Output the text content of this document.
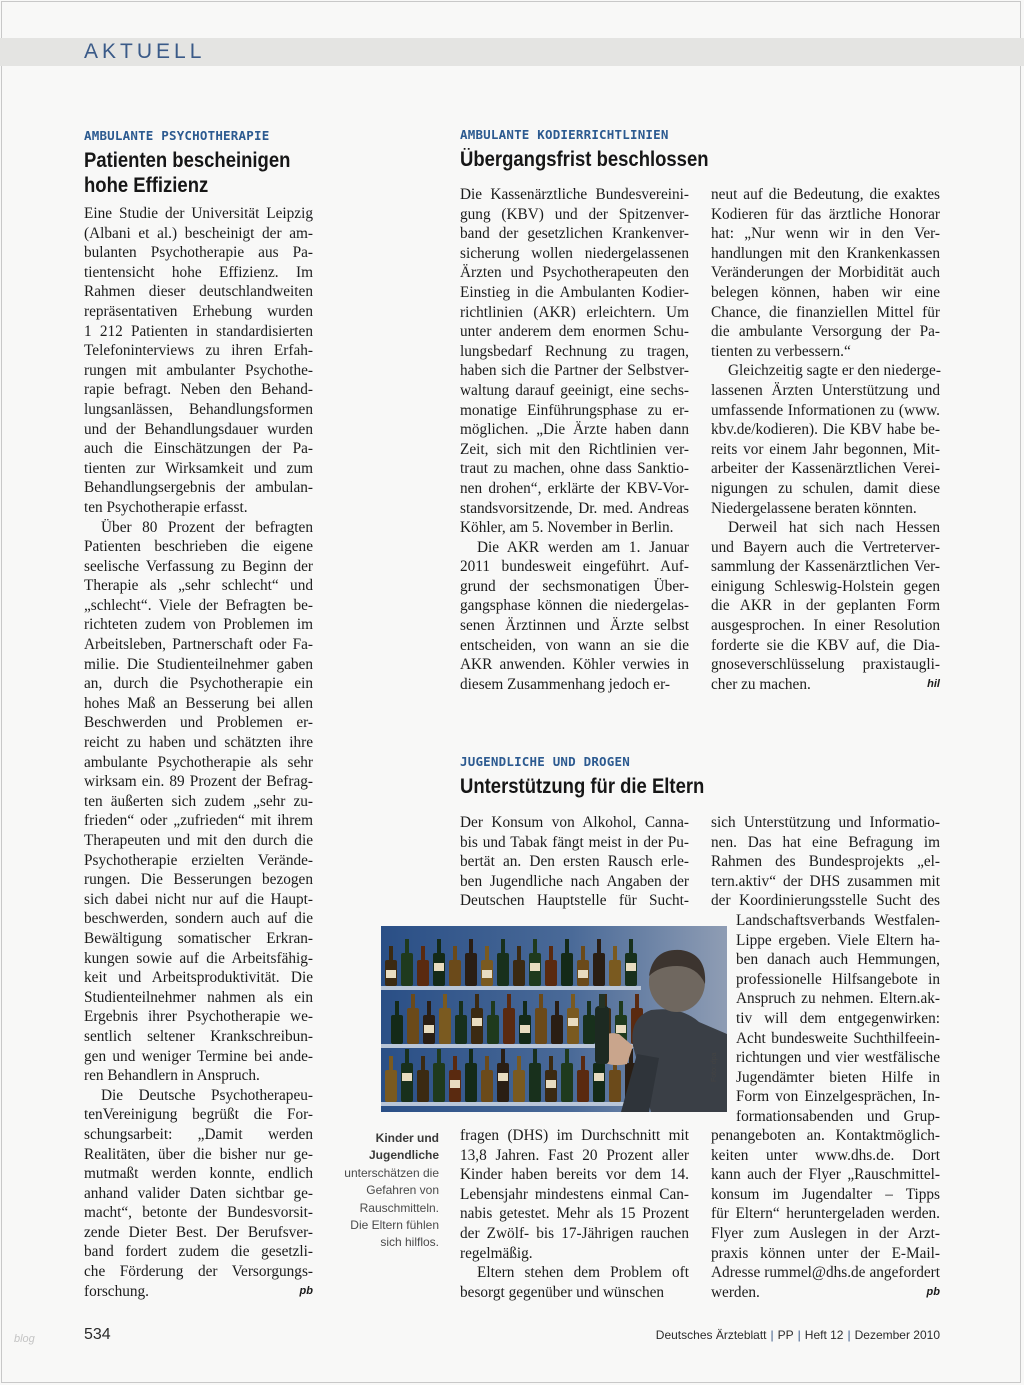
AKTUELL
AMBULANTE PSYCHOTHERAPIE
Patienten bescheinigen
hohe Effizienz
Eine Studie der Universität Leipzig
(Albani et al.) bescheinigt der am-
bulanten Psychotherapie aus Pa-
tientensicht hohe Effizienz. Im
Rahmen dieser deutschlandweiten
repräsentativen Erhebung wurden
1 212 Patienten in standardisierten
Telefoninterviews zu ihren Erfah-
rungen mit ambulanter Psychothe-
rapie befragt. Neben den Behand-
lungsanlässen, Behandlungsformen
und der Behandlungsdauer wurden
auch die Einschätzungen der Pa-
tienten zur Wirksamkeit und zum
Behandlungsergebnis der ambulan-
ten Psychotherapie erfasst.
Über 80 Prozent der befragten
Patienten beschrieben die eigene
seelische Verfassung zu Beginn der
Therapie als „sehr schlecht“ und
„schlecht“. Viele der Befragten be-
richteten zudem von Problemen im
Arbeitsleben, Partnerschaft oder Fa-
milie. Die Studienteilnehmer gaben
an, durch die Psychotherapie ein
hohes Maß an Besserung bei allen
Beschwerden und Problemen er-
reicht zu haben und schätzten ihre
ambulante Psychotherapie als sehr
wirksam ein. 89 Prozent der Befrag-
ten äußerten sich zudem „sehr zu-
frieden“ oder „zufrieden“ mit ihrem
Therapeuten und mit den durch die
Psychotherapie erzielten Verände-
rungen. Die Besserungen bezogen
sich dabei nicht nur auf die Haupt-
beschwerden, sondern auch auf die
Bewältigung somatischer Erkran-
kungen sowie auf die Arbeitsfähig-
keit und Arbeitsproduktivität. Die
Studienteilnehmer nahmen als ein
Ergebnis ihrer Psychotherapie we-
sentlich seltener Krankschreibun-
gen und weniger Termine bei ande-
ren Behandlern in Anspruch.
Die Deutsche Psychotherapeu-
tenVereinigung begrüßt die For-
schungsarbeit: „Damit werden
Realitäten, über die bisher nur ge-
mutmaßt werden konnte, endlich
anhand valider Daten sichtbar ge-
macht“, betonte der Bundesvorsit-
zende Dieter Best. Der Berufsver-
band fordert zudem die gesetzli-
che Förderung der Versorgungs-
forschung.	pb
AMBULANTE KODIERRICHTLINIEN
Übergangsfrist beschlossen
Die Kassenärztliche Bundesvereini-
gung (KBV) und der Spitzenver-
band der gesetzlichen Krankenver-
sicherung wollen niedergelassenen
Ärzten und Psychotherapeuten den
Einstieg in die Ambulanten Kodier-
richtlinien (AKR) erleichtern. Um
unter anderem dem enormen Schu-
lungsbedarf Rechnung zu tragen,
haben sich die Partner der Selbstver-
waltung darauf geeinigt, eine sechs-
monatige Einführungsphase zu er-
möglichen. „Die Ärzte haben dann
Zeit, sich mit den Richtlinien ver-
traut zu machen, ohne dass Sanktio-
nen drohen“, erklärte der KBV-Vor-
standsvorsitzende, Dr. med. Andreas
Köhler, am 5. November in Berlin.
Die AKR werden am 1. Januar
2011 bundesweit eingeführt. Auf-
grund der sechsmonatigen Über-
gangsphase können die niedergelas-
senen Ärztinnen und Ärzte selbst
entscheiden, von wann an sie die
AKR anwenden. Köhler verwies in
diesem Zusammenhang jedoch er-
neut auf die Bedeutung, die exaktes
Kodieren für das ärztliche Honorar
hat: „Nur wenn wir in den Ver-
handlungen mit den Krankenkassen
Veränderungen der Morbidität auch
belegen können, haben wir eine
Chance, die finanziellen Mittel für
die ambulante Versorgung der Pa-
tienten zu verbessern.“
Gleichzeitig sagte er den niederge-
lassenen Ärzten Unterstützung und
umfassende Informationen zu (www.
kbv.de/kodieren). Die KBV habe be-
reits vor einem Jahr begonnen, Mit-
arbeiter der Kassenärztlichen Verei-
nigungen zu schulen, damit diese
Niedergelassene beraten könnten.
Derweil hat sich nach Hessen
und Bayern auch die Vertreterver-
sammlung der Kassenärztlichen Ver-
einigung Schleswig-Holstein gegen
die AKR in der geplanten Form
ausgesprochen. In einer Resolution
forderte sie die KBV auf, die Dia-
gnoseverschlüsselung praxistaugli-
cher zu machen.	hil
JUGENDLICHE UND DROGEN
Unterstützung für die Eltern
Der Konsum von Alkohol, Canna-
bis und Tabak fängt meist in der Pu-
bertät an. Den ersten Rausch erle-
ben Jugendliche nach Angaben der
Deutschen Hauptstelle für Sucht-
fragen (DHS) im Durchschnitt mit
13,8 Jahren. Fast 20 Prozent aller
Kinder haben bereits vor dem 14.
Lebensjahr mindestens einmal Can-
nabis getestet. Mehr als 15 Prozent
der Zwölf- bis 17-Jährigen rauchen
regelmäßig.
Eltern stehen dem Problem oft
besorgt gegenüber und wünschen
sich Unterstützung und Informatio-
nen. Das hat eine Befragung im
Rahmen des Bundesprojekts „el-
tern.aktiv“ der DHS zusammen mit
der Koordinierungsstelle Sucht des
Landschaftsverbands Westfalen-
Lippe ergeben. Viele Eltern ha-
ben danach auch Hemmungen,
professionelle Hilfsangebote in
Anspruch zu nehmen. Eltern.ak-
tiv will dem entgegenwirken:
Acht bundesweite Suchthilfeein-
richtungen und vier westfälische
Jugendämter bieten Hilfe in
Form von Einzelgesprächen, In-
formationsabenden und Grup-
penangeboten an. Kontaktmöglich-
keiten unter www.dhs.de. Dort
kann auch der Flyer „Rauschmittel-
konsum im Jugendalter – Tipps
für Eltern“ heruntergeladen werden.
Flyer zum Auslegen in der Arzt-
praxis können unter der E-Mail-
Adresse rummel@dhs.de angefordert
werden.	pb
Foto: dpa
Kinder und
Jugendliche
unterschätzen die
Gefahren von
Rauschmitteln.
Die Eltern fühlen
sich hilflos.
blog	534	Deutsches Ärzteblatt | PP | Heft 12 | Dezember 2010
